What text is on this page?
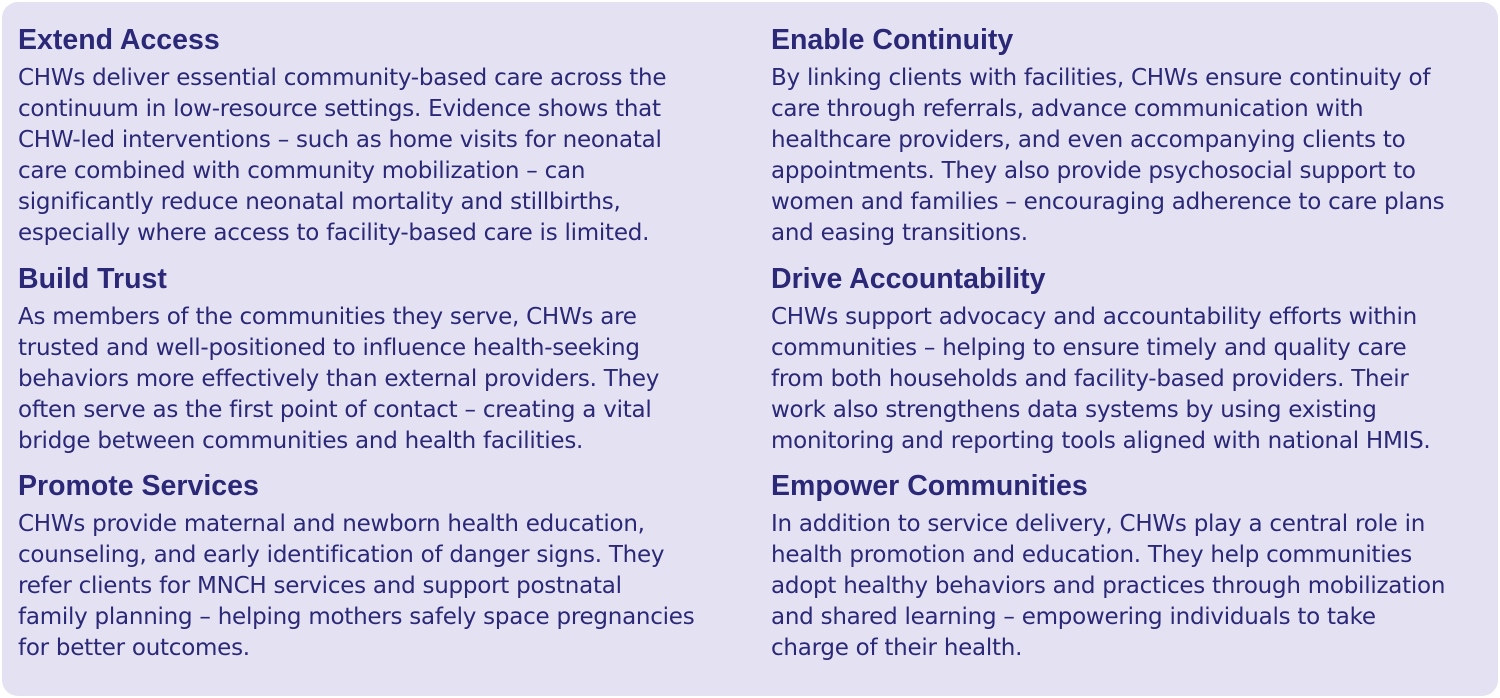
Extend Access

CHWs deliver essential community-based care across the
continuum in low-resource settings. Evidence shows that
CHW-led interventions – such as home visits for neonatal
care combined with community mobilization – can
significantly reduce neonatal mortality and stillbirths,
especially where access to facility-based care is limited.

Build Trust

As members of the communities they serve, CHWs are
trusted and well-positioned to influence health-seeking
behaviors more effectively than external providers. They
often serve as the first point of contact – creating a vital
bridge between communities and health facilities.

Promote Services

CHWs provide maternal and newborn health education,
counseling, and early identification of danger signs. They
refer clients for MNCH services and support postnatal
family planning – helping mothers safely space pregnancies
for better outcomes.

Enable Continuity

By linking clients with facilities, CHWs ensure continuity of
care through referrals, advance communication with
healthcare providers, and even accompanying clients to
appointments. They also provide psychosocial support to
women and families – encouraging adherence to care plans
and easing transitions.

Drive Accountability

CHWs support advocacy and accountability efforts within
communities – helping to ensure timely and quality care
from both households and facility-based providers. Their
work also strengthens data systems by using existing
monitoring and reporting tools aligned with national HMIS.

Empower Communities

In addition to service delivery, CHWs play a central role in
health promotion and education. They help communities
adopt healthy behaviors and practices through mobilization
and shared learning – empowering individuals to take
charge of their health.
